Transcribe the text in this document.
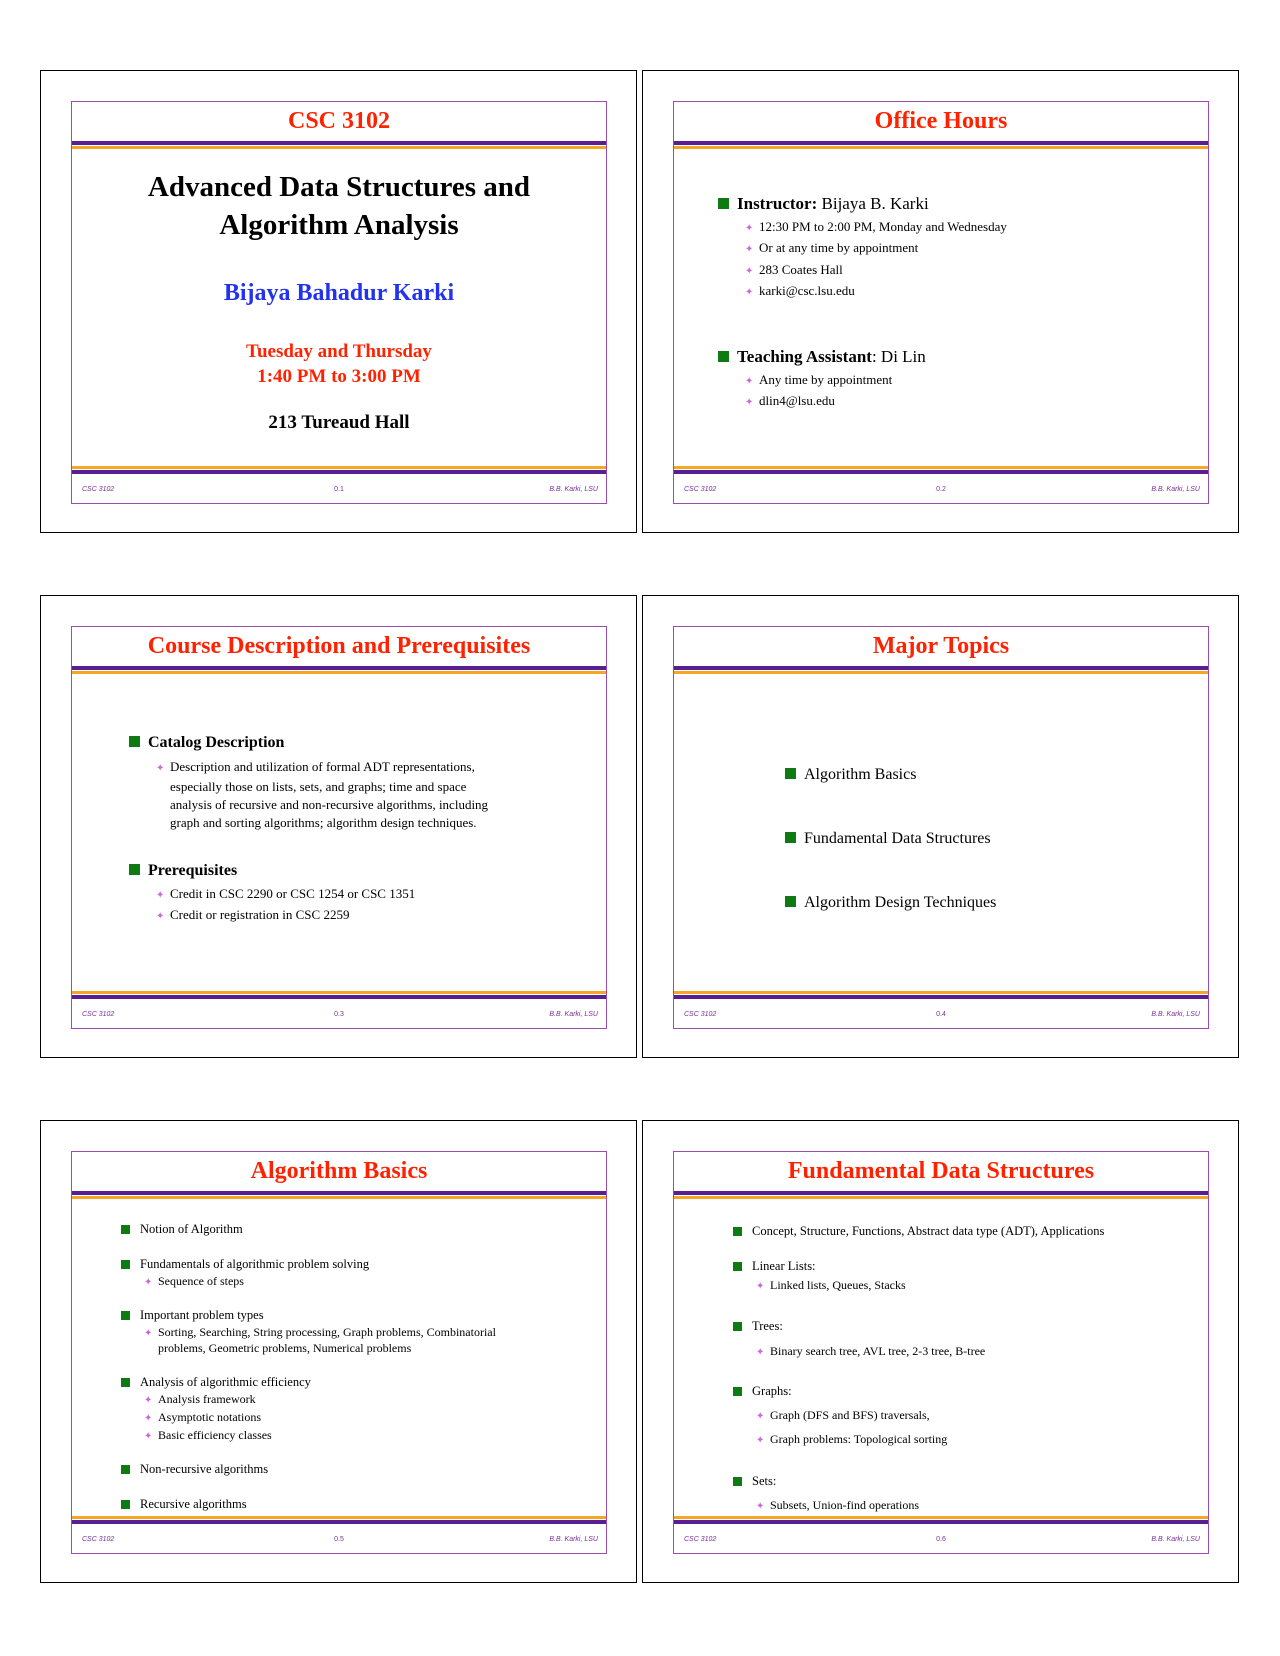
CSC 3102
Advanced Data Structures and
Algorithm Analysis
Bijaya Bahadur Karki
Tuesday and Thursday
1:40 PM to 3:00 PM
213 Tureaud Hall
CSC 3102	0.1	B.B. Karki, LSU
Office Hours
Instructor: Bijaya B. Karki
✦ 12:30 PM to 2:00 PM, Monday and Wednesday
✦ Or at any time by appointment
✦ 283 Coates Hall
✦ karki@csc.lsu.edu
Teaching Assistant: Di Lin
✦ Any time by appointment
✦ dlin4@lsu.edu
CSC 3102	0.2	B.B. Karki, LSU
Course Description and Prerequisites
Catalog Description
✦ Description and utilization of formal ADT representations,
especially those on lists, sets, and graphs; time and space
analysis of recursive and non-recursive algorithms, including
graph and sorting algorithms; algorithm design techniques.
Prerequisites
✦ Credit in CSC 2290 or CSC 1254 or CSC 1351
✦ Credit or registration in CSC 2259
CSC 3102	0.3	B.B. Karki, LSU
Major Topics
Algorithm Basics
Fundamental Data Structures
Algorithm Design Techniques
CSC 3102	0.4	B.B. Karki, LSU
Algorithm Basics
Notion of Algorithm
Fundamentals of algorithmic problem solving
✦ Sequence of steps
Important problem types
✦ Sorting, Searching, String processing, Graph problems, Combinatorial
problems, Geometric problems, Numerical problems
Analysis of algorithmic efficiency
✦ Analysis framework
✦ Asymptotic notations
✦ Basic efficiency classes
Non-recursive algorithms
Recursive algorithms
CSC 3102	0.5	B.B. Karki, LSU
Fundamental Data Structures
Concept, Structure, Functions, Abstract data type (ADT), Applications
Linear Lists:
✦ Linked lists, Queues, Stacks
Trees:
✦ Binary search tree, AVL tree, 2-3 tree, B-tree
Graphs:
✦ Graph (DFS and BFS) traversals,
✦ Graph problems: Topological sorting
Sets:
✦ Subsets, Union-find operations
CSC 3102	0.6	B.B. Karki, LSU
